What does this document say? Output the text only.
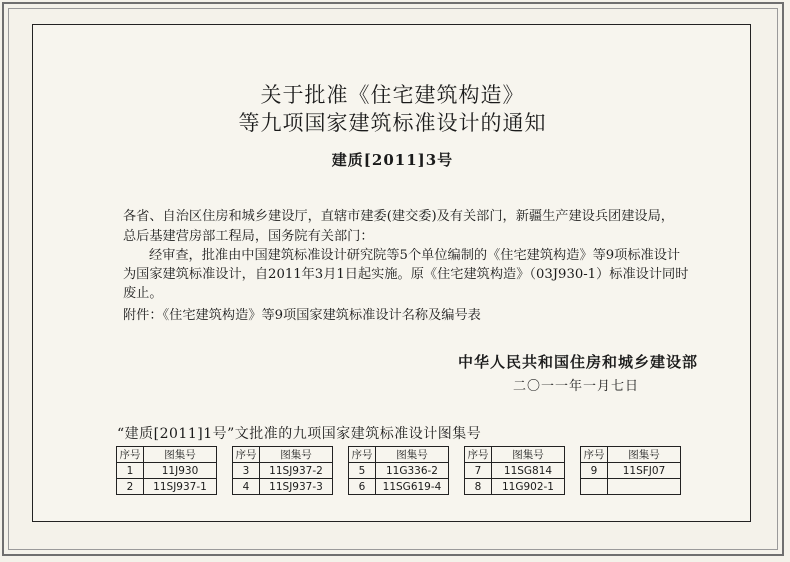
关于批准《住宅建筑构造》
等九项国家建筑标准设计的通知
建质[2011]3号
各省、自治区住房和城乡建设厅，直辖市建委(建交委)及有关部门，新疆生产建设兵团建设局，
总后基建营房部工程局，国务院有关部门：
经审查，批准由中国建筑标准设计研究院等5个单位编制的《住宅建筑构造》等9项标准设计
为国家建筑标准设计，自2011年3月1日起实施。原《住宅建筑构造》（03J930-1）标准设计同时
废止。
附件：《住宅建筑构造》等9项国家建筑标准设计名称及编号表
中华人民共和国住房和城乡建设部
二〇一一年一月七日
“建质[2011]1号”文批准的九项国家建筑标准设计图集号
序号	图集号
1	11J930
2	11SJ937-1
序号	图集号
3	11SJ937-2
4	11SJ937-3
序号	图集号
5	11G336-2
6	11SG619-4
序号	图集号
7	11SG814
8	11G902-1
序号	图集号
9	11SFJ07
